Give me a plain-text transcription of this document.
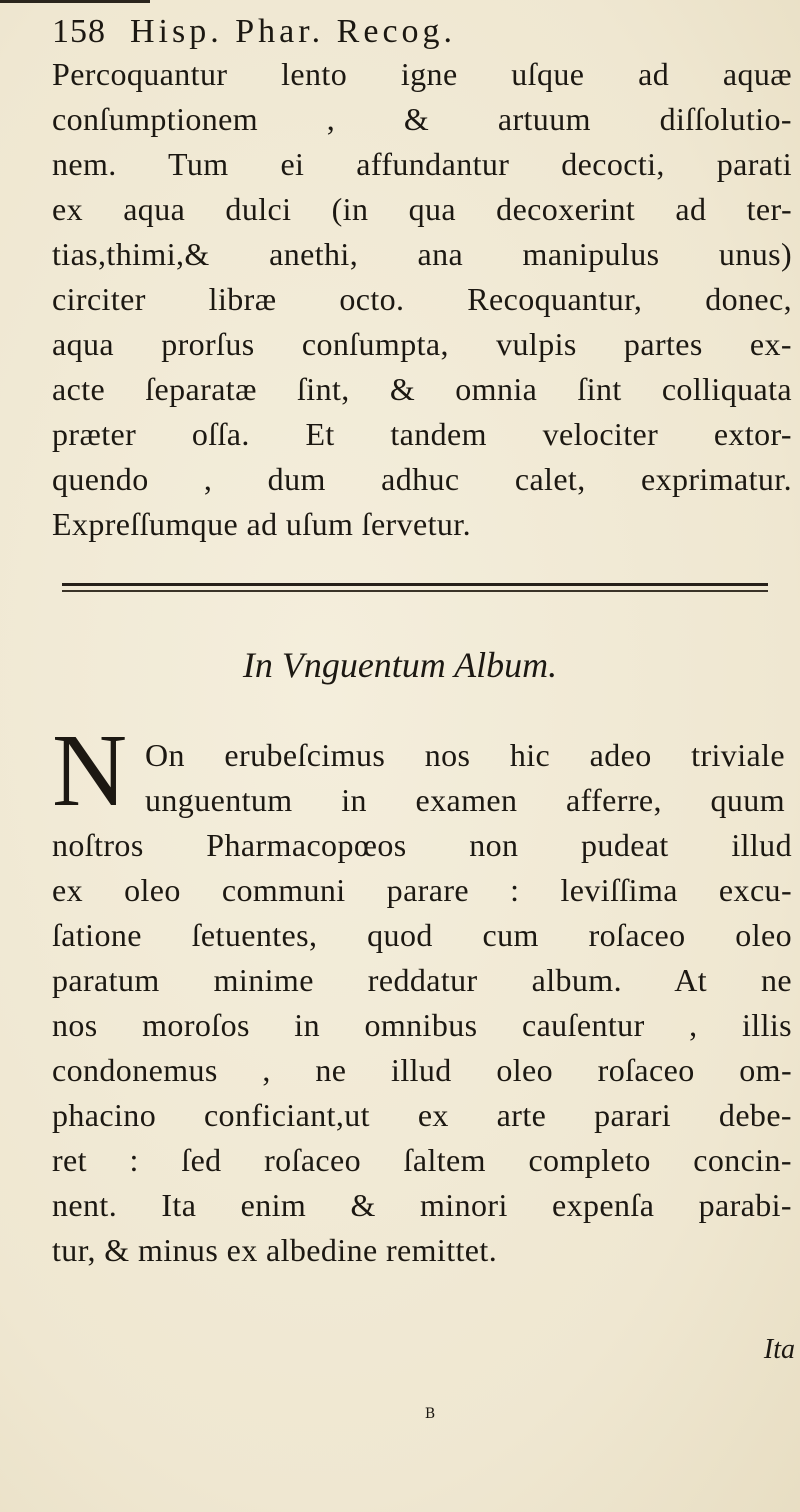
158 Hisp. Phar. Recog.
Percoquantur lento igne uſque ad aquæ
conſumptionem , & artuum diſſolutio-
nem. Tum ei affundantur decocti, parati
ex aqua dulci (in qua decoxerint ad ter-
tias,thimi,& anethi, ana manipulus unus)
circiter libræ octo. Recoquantur, donec,
aqua prorſus conſumpta, vulpis partes ex-
acte ſeparatæ ſint, & omnia ſint colliquata
præter oſſa. Et tandem velociter extor-
quendo , dum adhuc calet, exprimatur.
Expreſſumque ad uſum ſervetur.
In Vnguentum Album.
N On erubeſcimus nos hic adeo triviale
unguentum in examen afferre, quum
noſtros Pharmacopœos non pudeat illud
ex oleo communi parare : leviſſima excu-
ſatione ſetuentes, quod cum roſaceo oleo
paratum minime reddatur album. At ne
nos moroſos in omnibus cauſentur , illis
condonemus , ne illud oleo roſaceo om-
phacino conficiant,ut ex arte parari debe-
ret : ſed roſaceo ſaltem completo concin-
nent. Ita enim & minori expenſa parabi-
tur, & minus ex albedine remittet.
Ita
B
